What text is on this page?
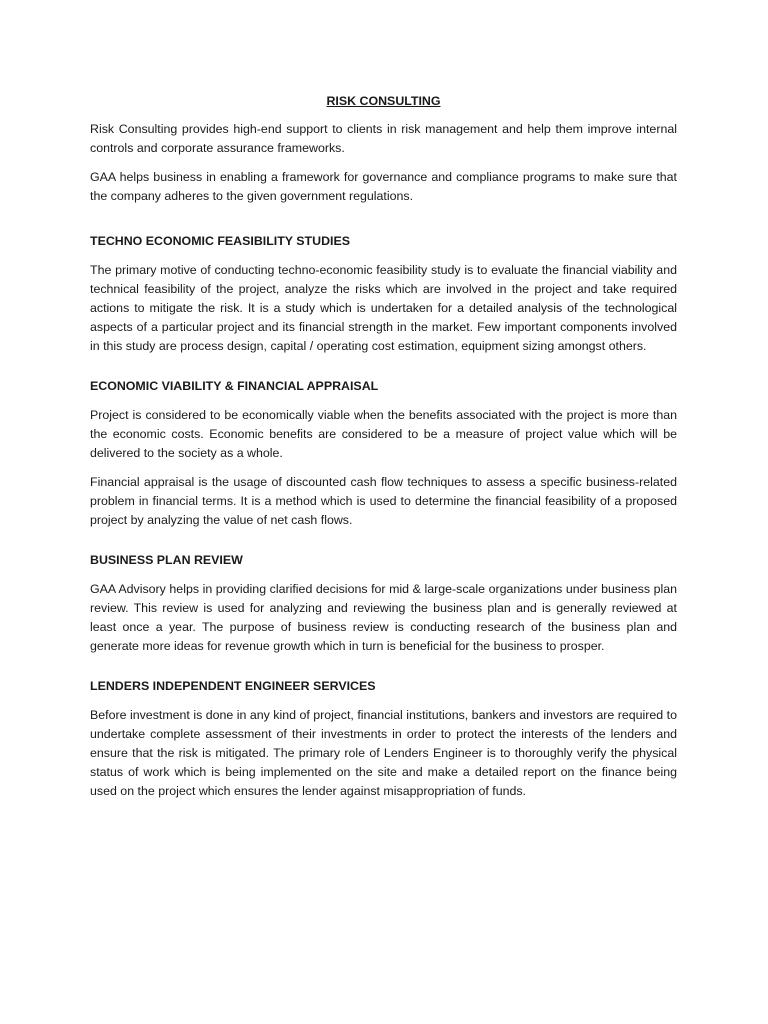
RISK CONSULTING

Risk Consulting provides high-end support to clients in risk management and help them improve internal controls and corporate assurance frameworks.

GAA helps business in enabling a framework for governance and compliance programs to make sure that the company adheres to the given government regulations.

TECHNO ECONOMIC FEASIBILITY STUDIES

The primary motive of conducting techno-economic feasibility study is to evaluate the financial viability and technical feasibility of the project, analyze the risks which are involved in the project and take required actions to mitigate the risk. It is a study which is undertaken for a detailed analysis of the technological aspects of a particular project and its financial strength in the market. Few important components involved in this study are process design, capital / operating cost estimation, equipment sizing amongst others.

ECONOMIC VIABILITY & FINANCIAL APPRAISAL

Project is considered to be economically viable when the benefits associated with the project is more than the economic costs. Economic benefits are considered to be a measure of project value which will be delivered to the society as a whole.

Financial appraisal is the usage of discounted cash flow techniques to assess a specific business-related problem in financial terms. It is a method which is used to determine the financial feasibility of a proposed project by analyzing the value of net cash flows.

BUSINESS PLAN REVIEW

GAA Advisory helps in providing clarified decisions for mid & large-scale organizations under business plan review. This review is used for analyzing and reviewing the business plan and is generally reviewed at least once a year. The purpose of business review is conducting research of the business plan and generate more ideas for revenue growth which in turn is beneficial for the business to prosper.

LENDERS INDEPENDENT ENGINEER SERVICES

Before investment is done in any kind of project, financial institutions, bankers and investors are required to undertake complete assessment of their investments in order to protect the interests of the lenders and ensure that the risk is mitigated. The primary role of Lenders Engineer is to thoroughly verify the physical status of work which is being implemented on the site and make a detailed report on the finance being used on the project which ensures the lender against misappropriation of funds.
